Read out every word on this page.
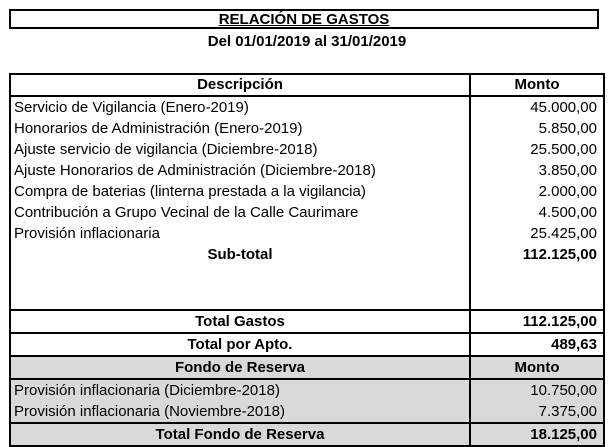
RELACIÓN DE GASTOS
Del 01/01/2019 al 31/01/2019
Descripción	Monto
Servicio de Vigilancia (Enero-2019)	45.000,00
Honorarios de Administración (Enero-2019)	5.850,00
Ajuste servicio de vigilancia (Diciembre-2018)	25.500,00
Ajuste Honorarios de Administración (Diciembre-2018)	3.850,00
Compra de baterias (linterna prestada a la vigilancia)	2.000,00
Contribución a Grupo Vecinal de la Calle Caurimare	4.500,00
Provisión inflacionaria	25.425,00
Sub-total	112.125,00

Total Gastos	112.125,00
Total por Apto.	489,63
Fondo de Reserva	Monto
Provisión inflacionaria (Diciembre-2018)	10.750,00
Provisión inflacionaria (Noviembre-2018)	7.375,00
Total Fondo de Reserva	18.125,00
